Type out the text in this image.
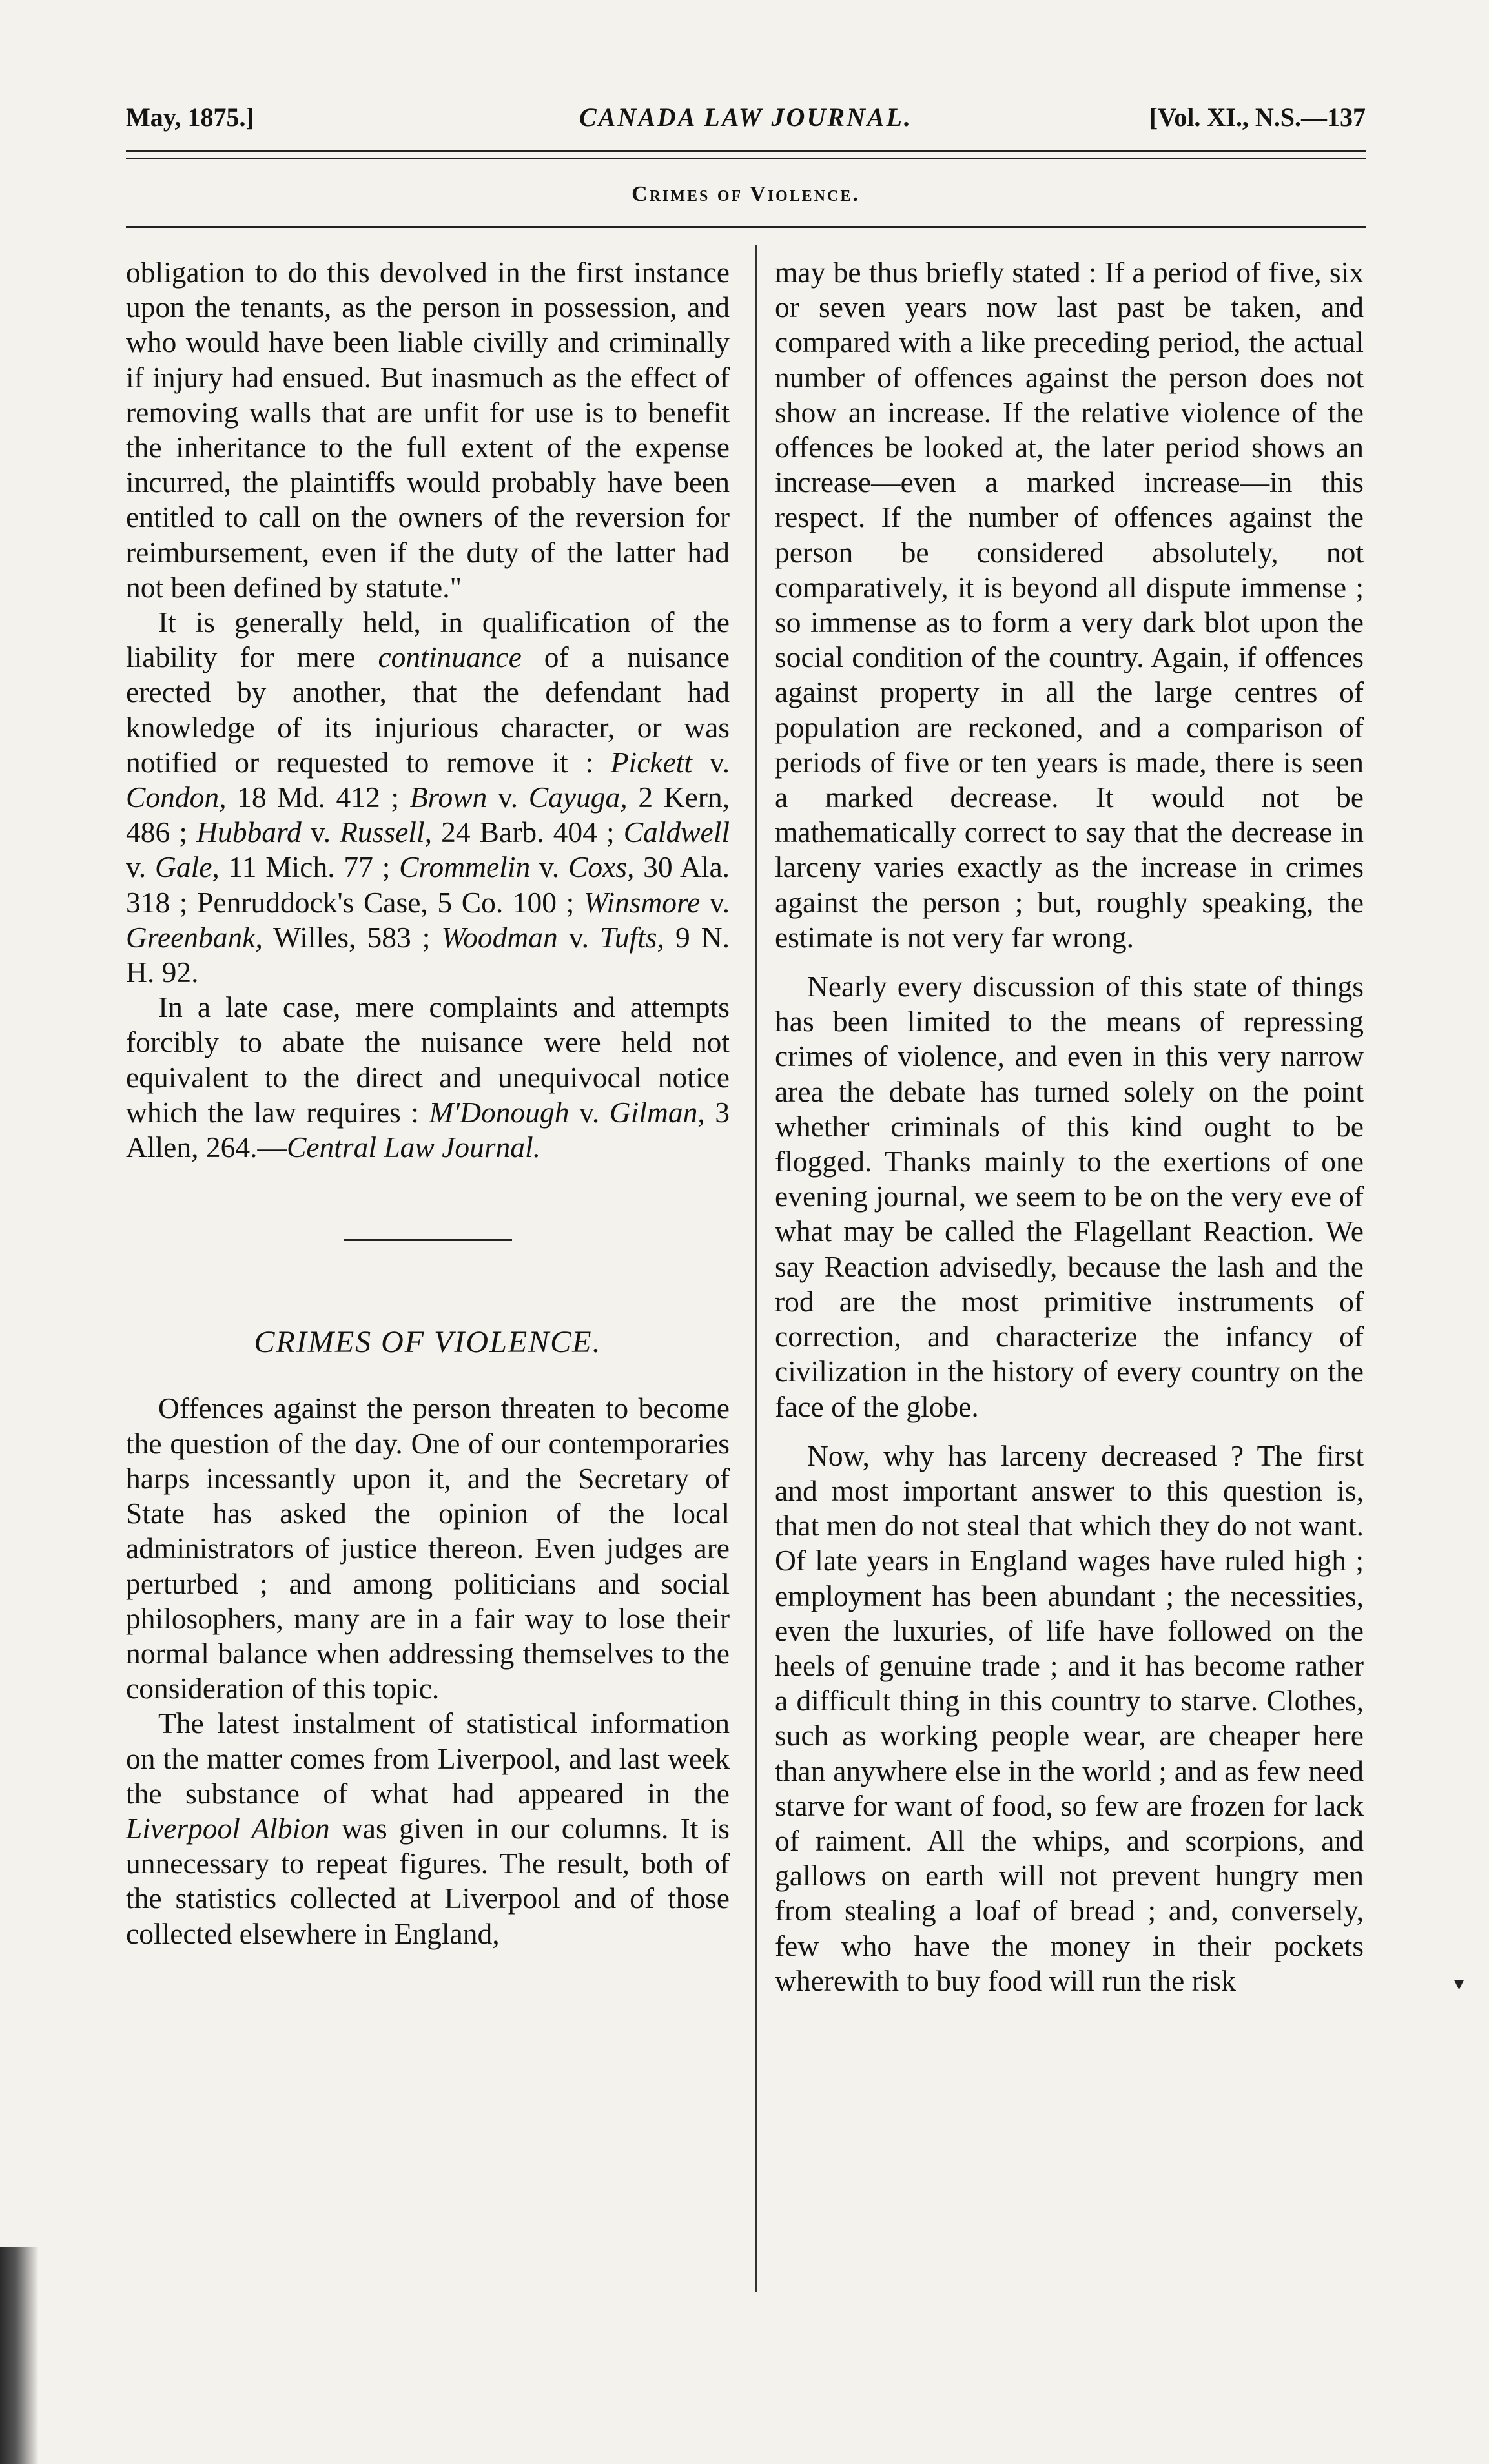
CANADA LAW JOURNAL.
May, 1875.]	[Vol. XI., N.S.—137
Crimes of Violence.

obligation to do this devolved in the first instance upon the tenants, as the person in possession, and who would have been liable civilly and criminally if injury had ensued. But inasmuch as the effect of removing walls that are unfit for use is to benefit the inheritance to the full extent of the expense incurred, the plaintiffs would probably have been entitled to call on the owners of the reversion for reimbursement, even if the duty of the latter had not been defined by statute."

It is generally held, in qualification of the liability for mere continuance of a nuisance erected by another, that the defendant had knowledge of its injurious character, or was notified or requested to remove it : Pickett v. Condon, 18 Md. 412 ; Brown v. Cayuga, 2 Kern, 486 ; Hubbard v. Russell, 24 Barb. 404 ; Caldwell v. Gale, 11 Mich. 77 ; Crommelin v. Coxs, 30 Ala. 318 ; Penruddock's Case, 5 Co. 100 ; Winsmore v. Greenbank, Willes, 583 ; Woodman v. Tufts, 9 N. H. 92.

In a late case, mere complaints and attempts forcibly to abate the nuisance were held not equivalent to the direct and unequivocal notice which the law requires : M'Donough v. Gilman, 3 Allen, 264.—Central Law Journal.

CRIMES OF VIOLENCE.

Offences against the person threaten to become the question of the day. One of our contemporaries harps incessantly upon it, and the Secretary of State has asked the opinion of the local administrators of justice thereon. Even judges are perturbed ; and among politicians and social philosophers, many are in a fair way to lose their normal balance when addressing themselves to the consideration of this topic.

The latest instalment of statistical information on the matter comes from Liverpool, and last week the substance of what had appeared in the Liverpool Albion was given in our columns. It is unnecessary to repeat figures. The result, both of the statistics collected at Liverpool and of those collected elsewhere in England,

may be thus briefly stated : If a period of five, six or seven years now last past be taken, and compared with a like preceding period, the actual number of offences against the person does not show an increase. If the relative violence of the offences be looked at, the later period shows an increase—even a marked increase—in this respect. If the number of offences against the person be considered absolutely, not comparatively, it is beyond all dispute immense ; so immense as to form a very dark blot upon the social condition of the country. Again, if offences against property in all the large centres of population are reckoned, and a comparison of periods of five or ten years is made, there is seen a marked decrease. It would not be mathematically correct to say that the decrease in larceny varies exactly as the increase in crimes against the person ; but, roughly speaking, the estimate is not very far wrong.

Nearly every discussion of this state of things has been limited to the means of repressing crimes of violence, and even in this very narrow area the debate has turned solely on the point whether criminals of this kind ought to be flogged. Thanks mainly to the exertions of one evening journal, we seem to be on the very eve of what may be called the Flagellant Reaction. We say Reaction advisedly, because the lash and the rod are the most primitive instruments of correction, and characterize the infancy of civilization in the history of every country on the face of the globe.

Now, why has larceny decreased ? The first and most important answer to this question is, that men do not steal that which they do not want. Of late years in England wages have ruled high ; employment has been abundant ; the necessities, even the luxuries, of life have followed on the heels of genuine trade ; and it has become rather a difficult thing in this country to starve. Clothes, such as working people wear, are cheaper here than anywhere else in the world ; and as few need starve for want of food, so few are frozen for lack of raiment. All the whips, and scorpions, and gallows on earth will not prevent hungry men from stealing a loaf of bread ; and, conversely, few who have the money in their pockets wherewith to buy food will run the risk	▾
